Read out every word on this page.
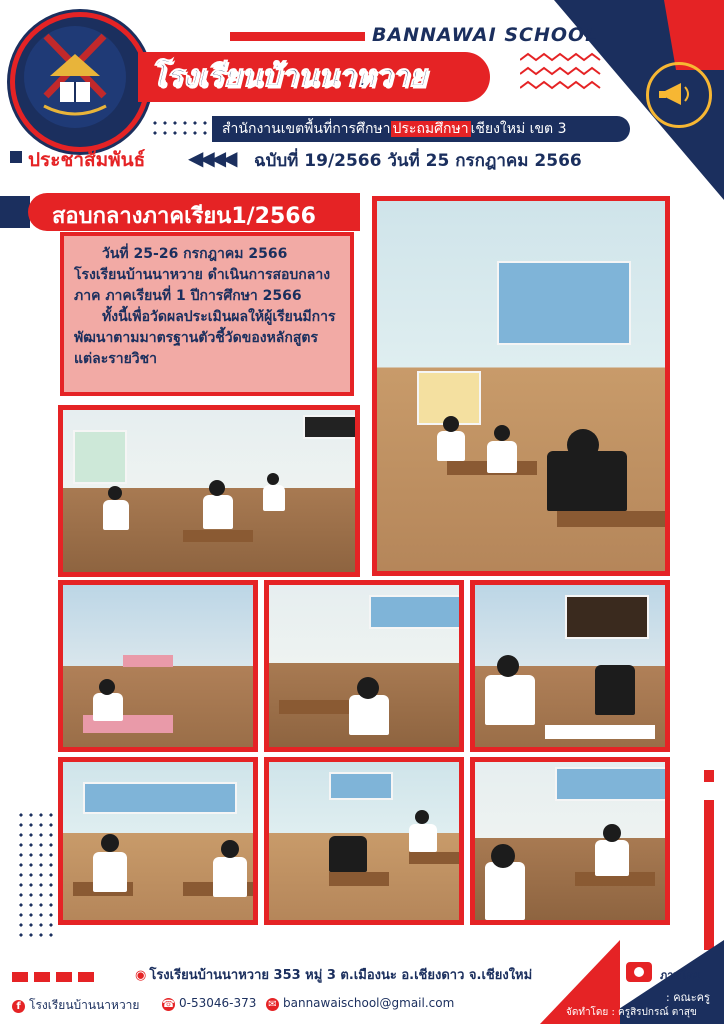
BANNAWAI SCHOOL
โรงเรียนบ้านนาหวาย
สำนักงานเขตพื้นที่การศึกษา ประถมศึกษา เชียงใหม่ เขต 3
ประชาสัมพันธ์ ◀◀◀◀ ฉบับที่ 19/2566 วันที่ 25 กรกฎาคม 2566
สอบกลางภาคเรียน1/2566

วันที่ 25-26 กรกฎาคม 2566 โรงเรียนบ้านนาหวาย ดำเนินการสอบกลางภาค ภาคเรียนที่ 1 ปีการศึกษา 2566

ทั้งนี้เพื่อวัดผลประเมินผลให้ผู้เรียนมีการพัฒนาตามมาตรฐานตัวชี้วัดของหลักสูตรแต่ละรายวิชา

◉ โรงเรียนบ้านนาหวาย 353 หมู่ 3 ต.เมืองนะ อ.เชียงดาว จ.เชียงใหม่
f โรงเรียนบ้านนาหวาย ☎ 0-53046-373 ✉ bannawaischool@gmail.com
ภาพโดย
: คณะครู
จัดทำโดย : ครูสิรปกรณ์ ตาสุข
